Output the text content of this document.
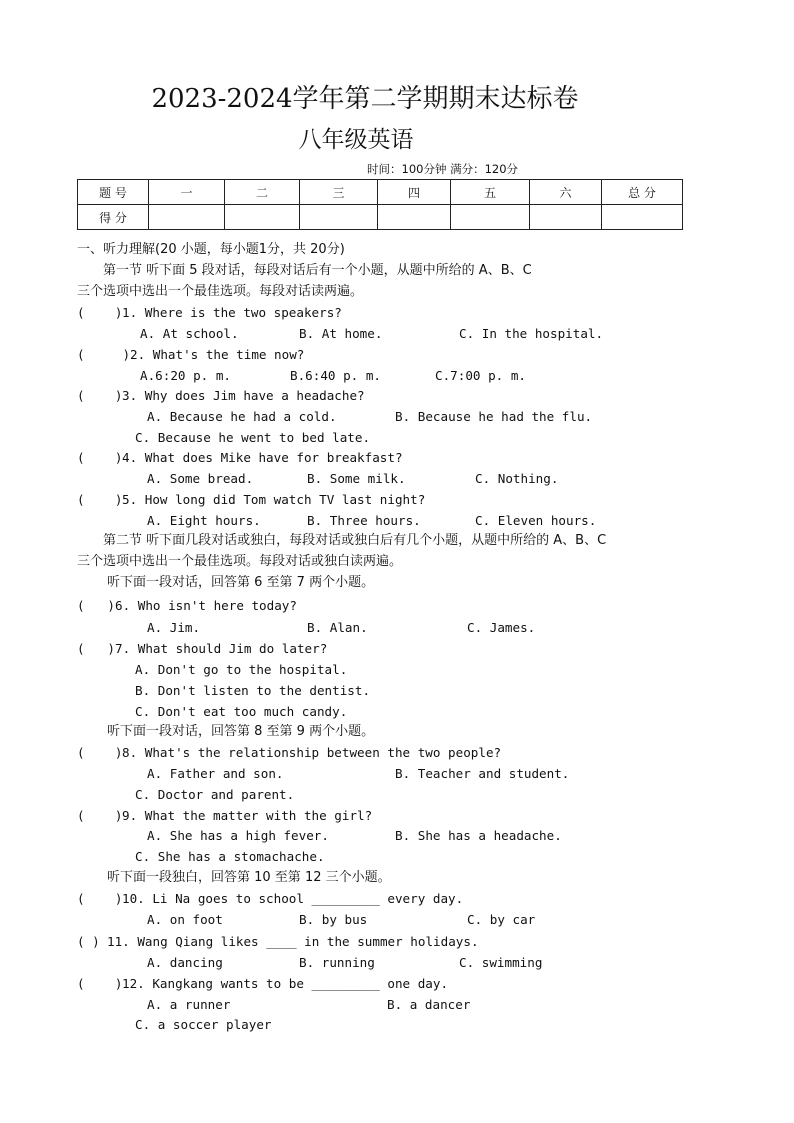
2023-2024学年第二学期期末达标卷
八年级英语
时间：100分钟 满分：120分
题 号	一	二	三	四	五	六	总 分
得 分							
一、听力理解(20 小题，每小题1分，共 20分)
第一节 听下面 5 段对话，每段对话后有一个小题，从题中所给的 A、B、C
三个选项中选出一个最佳选项。每段对话读两遍。
(    ) 1. Where is the two speakers?
A. At school.	B. At home.	C. In the hospital.
(     ) 2. What's the time now?
A.6:20 p. m.	B.6:40 p. m.	C.7:00 p. m.
(    ) 3. Why does Jim have a headache?
A. Because he had a cold.	B. Because he had the flu.
C. Because he went to bed late.
(    ) 4. What does Mike have for breakfast?
A. Some bread.	B. Some milk.	C. Nothing.
(    ) 5. How long did Tom watch TV last night?
A. Eight hours.	B. Three hours.	C. Eleven hours.
第二节 听下面几段对话或独白，每段对话或独白后有几个小题，从题中所给的 A、B、C
三个选项中选出一个最佳选项。每段对话或独白读两遍。
听下面一段对话，回答第 6 至第 7 两个小题。
(   ) 6. Who isn't here today?
A. Jim.	B. Alan.	C. James.
(   ) 7. What should Jim do later?
A. Don't go to the hospital.
B. Don't listen to the dentist.
C. Don't eat too much candy.
听下面一段对话，回答第 8 至第 9 两个小题。
(    ) 8. What's the relationship between the two people?
A. Father and son.	B. Teacher and student.
C. Doctor and parent.
(    ) 9. What the matter with the girl?
A. She has a high fever.	B. She has a headache.
C. She has a stomachache.
听下面一段独白，回答第 10 至第 12 三个小题。
(    ) 10. Li Na goes to school _________ every day.
A. on foot	B. by bus	C. by car
( ) 11. Wang Qiang likes ____ in the summer holidays.
A. dancing	B. running	C. swimming
(    ) 12. Kangkang wants to be _________ one day.
A. a runner	B. a dancer
C. a soccer player
